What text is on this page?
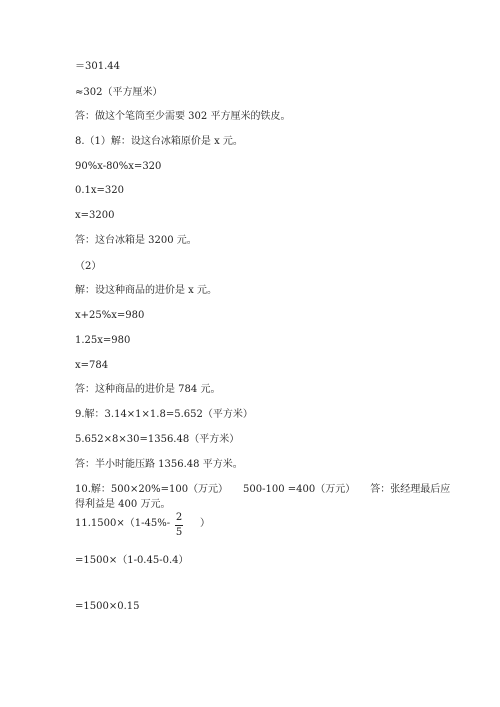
＝301.44
≈302（平方厘米）
答：做这个笔筒至少需要 302 平方厘米的铁皮。
8.（1）解：设这台冰箱原价是 x 元。
90%x-80%x=320
0.1x=320
x=3200
答：这台冰箱是 3200 元。
（2）
解：设这种商品的进价是 x 元。
x+25%x=980
1.25x=980
x=784
答：这种商品的进价是 784 元。
9.解：3.14×1×1.8=5.652（平方米）
5.652×8×30=1356.48（平方米）
答：半小时能压路 1356.48 平方米。
10.解：500×20%=100（万元）　　500-100 =400（万元）　　答：张经理最后应
得利益是 400 万元。
11.1500×（1-45%-
2
5
）
=1500×（1-0.45-0.4）
=1500×0.15
